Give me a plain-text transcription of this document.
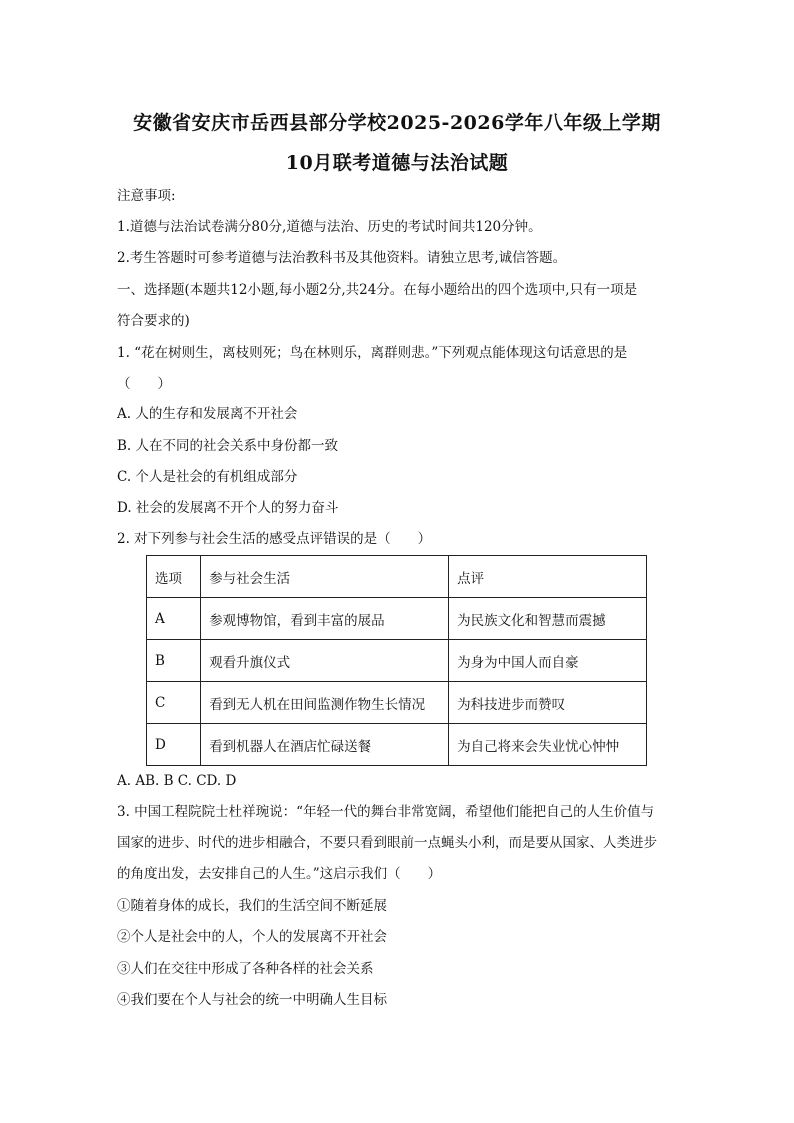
安徽省安庆市岳西县部分学校2025-2026学年八年级上学期
10月联考道德与法治试题
注意事项:
1.道德与法治试卷满分80分,道德与法治、历史的考试时间共120分钟。
2.考生答题时可参考道德与法治教科书及其他资料。请独立思考,诚信答题。
一、选择题(本题共12小题,每小题2分,共24分。在每小题给出的四个选项中,只有一项是
符合要求的)
1. “花在树则生，离枝则死；鸟在林则乐，离群则悲。”下列观点能体现这句话意思的是
（　　）
A. 人的生存和发展离不开社会
B. 人在不同的社会关系中身份都一致
C. 个人是社会的有机组成部分
D. 社会的发展离不开个人的努力奋斗
2. 对下列参与社会生活的感受点评错误的是（　　）
选项	参与社会生活	点评
A	参观博物馆，看到丰富的展品	为民族文化和智慧而震撼
B	观看升旗仪式	为身为中国人而自豪
C	看到无人机在田间监测作物生长情况	为科技进步而赞叹
D	看到机器人在酒店忙碌送餐	为自己将来会失业忧心忡忡
A. AB. B C. CD. D
3. 中国工程院院士杜祥琬说：“年轻一代的舞台非常宽阔，希望他们能把自己的人生价值与
国家的进步、时代的进步相融合，不要只看到眼前一点蝇头小利，而是要从国家、人类进步
的角度出发，去安排自己的人生。”这启示我们（　　）
①随着身体的成长，我们的生活空间不断延展
②个人是社会中的人，个人的发展离不开社会
③人们在交往中形成了各种各样的社会关系
④我们要在个人与社会的统一中明确人生目标
